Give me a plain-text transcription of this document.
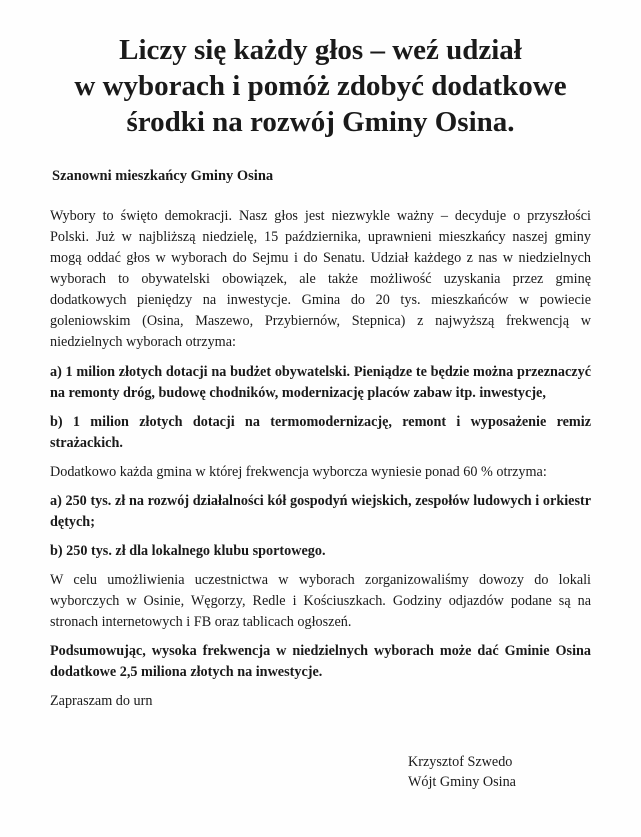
Liczy się każdy głos – weź udział
w wyborach i pomóż zdobyć dodatkowe
środki na rozwój Gminy Osina.

Szanowni mieszkańcy Gminy Osina

Wybory to święto demokracji. Nasz głos jest niezwykle ważny – decyduje o przyszłości Polski. Już w najbliższą niedzielę, 15 października, uprawnieni mieszkańcy naszej gminy mogą oddać głos w wyborach do Sejmu i do Senatu. Udział każdego z nas w niedzielnych wyborach to obywatelski obowiązek, ale także możliwość uzyskania przez gminę dodatkowych pieniędzy na inwestycje. Gmina do 20 tys. mieszkańców w powiecie goleniowskim (Osina, Maszewo, Przybiernów, Stepnica) z najwyższą frekwencją w niedzielnych wyborach otrzyma:

a) 1 milion złotych dotacji na budżet obywatelski. Pieniądze te będzie można przeznaczyć na remonty dróg, budowę chodników, modernizację placów zabaw itp. inwestycje,

b) 1 milion złotych dotacji na termomodernizację, remont i wyposażenie remiz strażackich.

Dodatkowo każda gmina w której frekwencja wyborcza wyniesie ponad 60 % otrzyma:

a) 250 tys. zł na rozwój działalności kół gospodyń wiejskich, zespołów ludowych i orkiestr dętych;

b) 250 tys. zł dla lokalnego klubu sportowego.

W celu umożliwienia uczestnictwa w wyborach zorganizowaliśmy dowozy do lokali wyborczych w Osinie, Węgorzy, Redle i Kościuszkach. Godziny odjazdów podane są na stronach internetowych i FB oraz tablicach ogłoszeń.

Podsumowując, wysoka frekwencja w niedzielnych wyborach może dać Gminie Osina dodatkowe 2,5 miliona złotych na inwestycje.

Zapraszam do urn

Krzysztof Szwedo
Wójt Gminy Osina
